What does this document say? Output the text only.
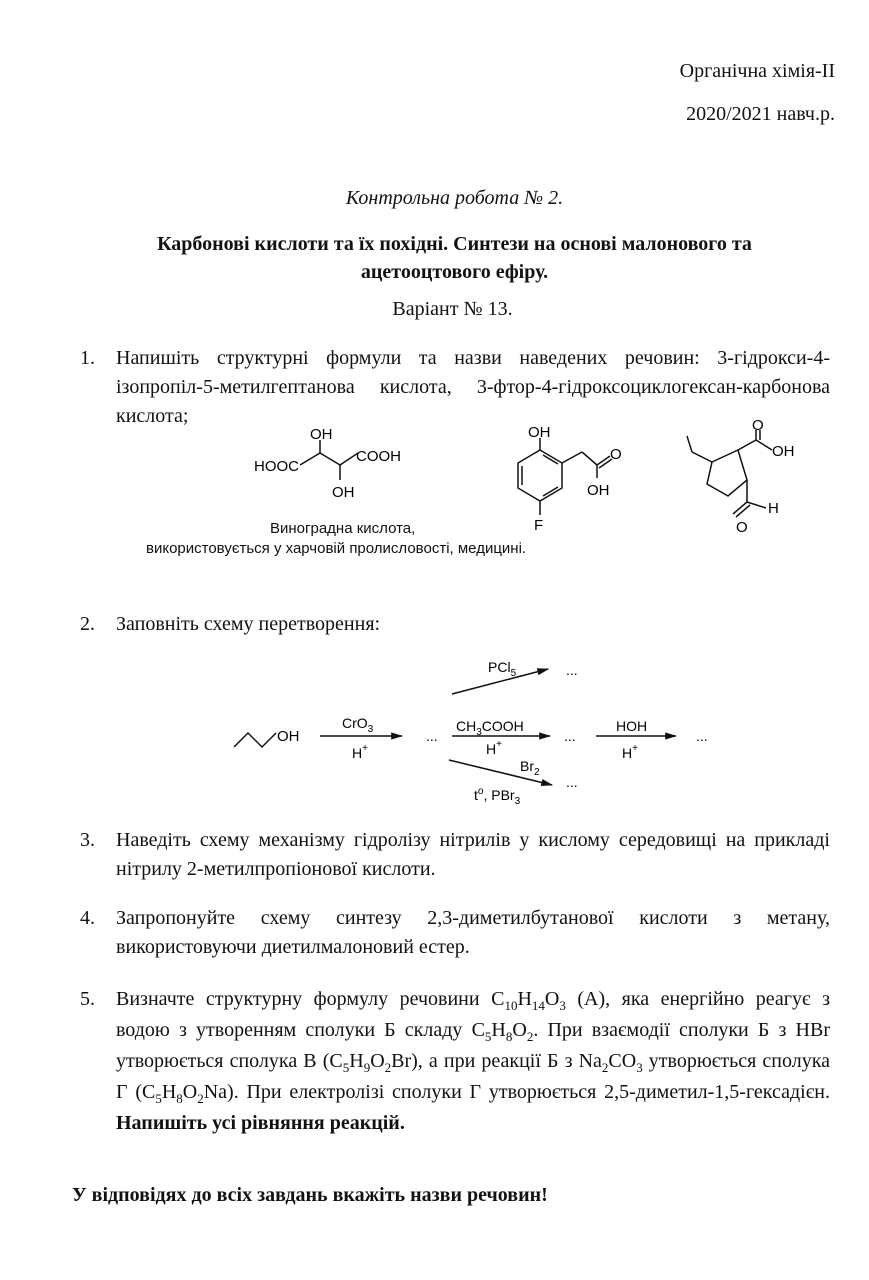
Органічна хімія-II
2020/2021 навч.р.
Контрольна робота № 2.
Карбонові кислоти та їх похідні. Синтези на основі малонового та
ацетооцтового ефіру.
Варіант № 13.
1. Напишіть структурні формули та назви наведених речовин: 3-гідрокси-4-ізопропіл-5-метилгептанова кислота, 3-фтор-4-гідроксоциклогексан-карбонова кислота;
OH
HOOC
COOH
OH
OH
O
OH
F
O
OH
H
O
Виноградна кислота,
використовується у харчовій пролисловості, медицині.
2. Заповніть схему перетворення:
OH
CrO$_3$
H+
...
$CH_3COOH$
H+
...
HOH
H+
...
PCl$_5$	...
$Br_2$
...
$t^o$, PBr$_3$
3. Наведіть схему механізму гідролізу нітрилів у кислому середовищі на прикладі нітрилу 2-метилпропіонової кислоти.
4. Запропонуйте схему синтезу 2,3-диметилбутанової кислоти з метану, використовуючи диетилмалоновий естер.
5. Визначте структурну формулу речовини $C_{10}H_{14}O_3$ (А), яка енергійно реагує з водою з утворенням сполуки Б складу $C_5H_8O_2$. При взаємодії сполуки Б з HBr утворюється сполука В $(C_5H_9O_2Br)$, а при реакції Б з $Na_2CO_3$ утворюється сполука Г $(C_5H_8O_2Na)$. При електролізі сполуки Г утворюється 2,5-диметил-1,5-гексадієн. Напишіть усі рівняння реакцій.
У відповідях до всіх завдань вкажіть назви речовин!
